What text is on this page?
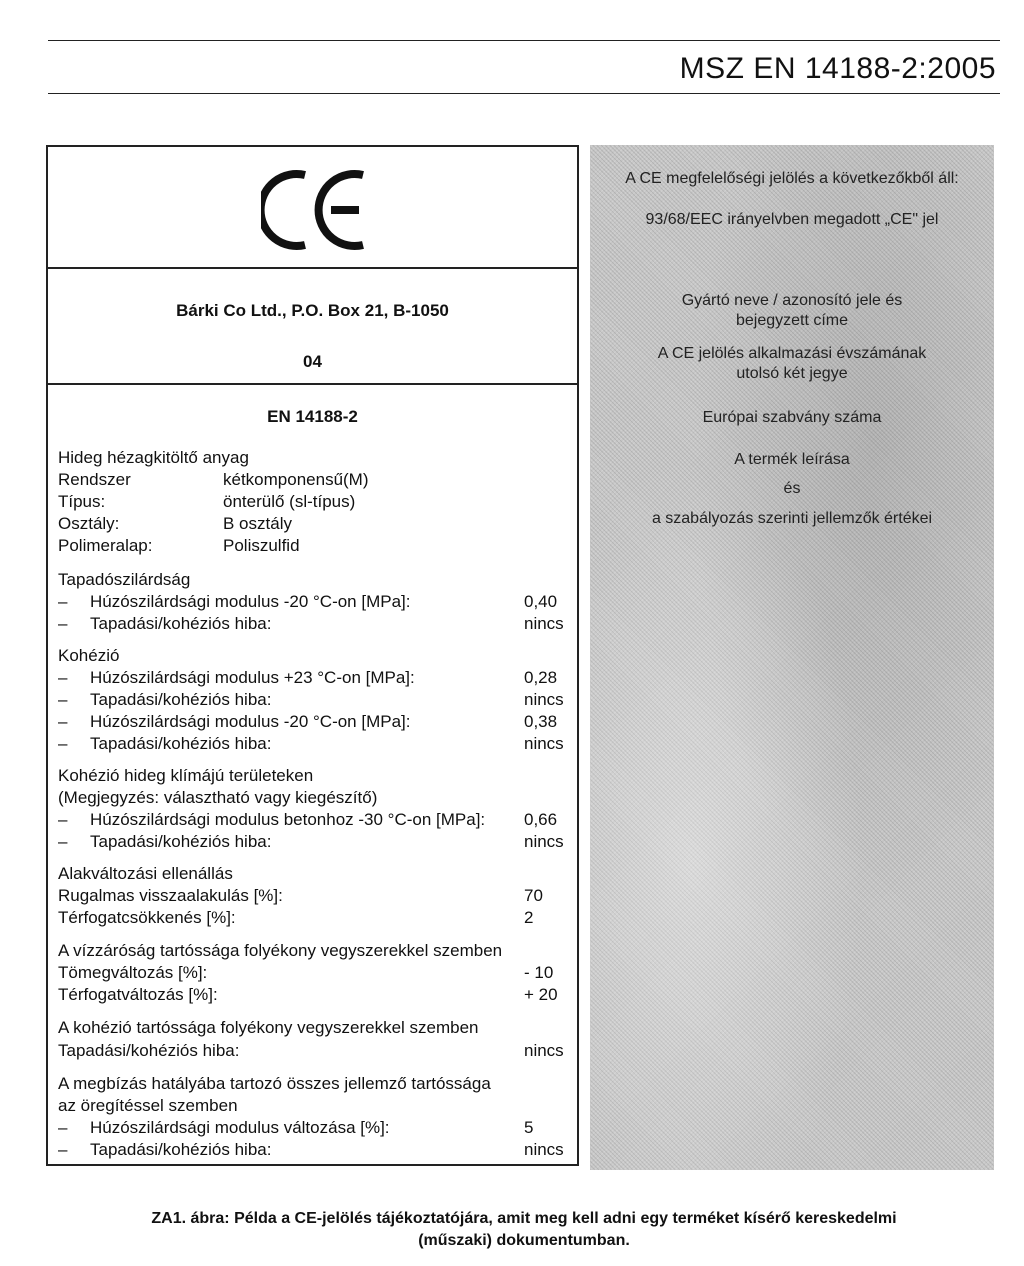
MSZ EN 14188-2:2005
Bárki Co Ltd., P.O. Box 21, B-1050
04
EN 14188-2
Hideg hézagkitöltő anyag
Rendszer	kétkomponensű(M)
Típus:	önterülő (sl-típus)
Osztály:	B osztály
Polimeralap:	Poliszulfid
Tapadószilárdság
– Húzószilárdsági modulus -20 °C-on [MPa]:	0,40
– Tapadási/kohéziós hiba:	nincs
Kohézió
– Húzószilárdsági modulus +23 °C-on [MPa]:	0,28
– Tapadási/kohéziós hiba:	nincs
– Húzószilárdsági modulus -20 °C-on [MPa]:	0,38
– Tapadási/kohéziós hiba:	nincs
Kohézió hideg klímájú területeken
(Megjegyzés: választható vagy kiegészítő)
– Húzószilárdsági modulus betonhoz -30 °C-on [MPa]: 0,66
– Tapadási/kohéziós hiba:	nincs
Alakváltozási ellenállás
Rugalmas visszaalakulás [%]:	70
Térfogatcsökkenés [%]:	2
A vízzáróság tartóssága folyékony vegyszerekkel szemben
Tömegváltozás [%]:	- 10
Térfogatváltozás [%]:	+ 20
A kohézió tartóssága folyékony vegyszerekkel szemben
Tapadási/kohéziós hiba:	nincs
A megbízás hatályába tartozó összes jellemző tartóssága
az öregítéssel szemben
– Húzószilárdsági modulus változása [%]:	5
– Tapadási/kohéziós hiba:	nincs
A CE megfelelőségi jelölés a következőkből áll:
93/68/EEC irányelvben megadott „CE" jel
Gyártó neve / azonosító jele és
bejegyzett címe
A CE jelölés alkalmazási évszámának
utolsó két jegye
Európai szabvány száma
A termék leírása
és
a szabályozás szerinti jellemzők értékei
ZA1. ábra: Példa a CE-jelölés tájékoztatójára, amit meg kell adni egy terméket kísérő kereskedelmi
(műszaki) dokumentumban.
